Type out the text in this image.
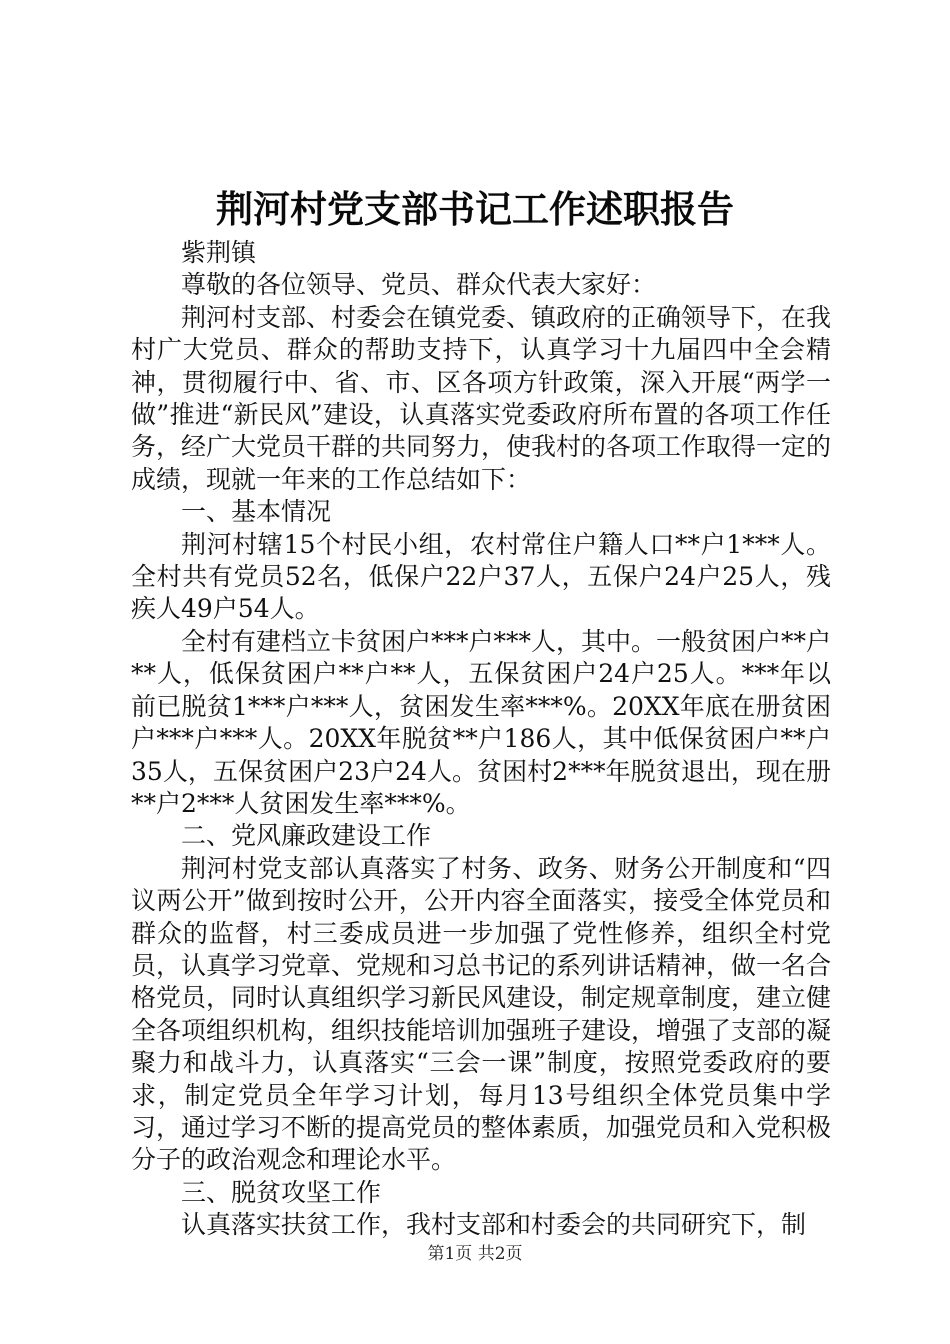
荆河村党支部书记工作述职报告

紫荆镇

尊敬的各位领导、党员、群众代表大家好：

荆河村支部、村委会在镇党委、镇政府的正确领导下，在我村广大党员、群众的帮助支持下，认真学习十九届四中全会精神，贯彻履行中、省、市、区各项方针政策，深入开展“两学一做”推进“新民风”建设，认真落实党委政府所布置的各项工作任务，经广大党员干群的共同努力，使我村的各项工作取得一定的成绩，现就一年来的工作总结如下：

一、基本情况

荆河村辖15个村民小组，农村常住户籍人口**户1***人。全村共有党员52名，低保户22户37人，五保户24户25人，残疾人49户54人。

全村有建档立卡贫困户***户***人，其中。一般贫困户**户**人，低保贫困户**户**人，五保贫困户24户25人。***年以前已脱贫1***户***人，贫困发生率***%。20XX年底在册贫困户***户***人。20XX年脱贫**户186人，其中低保贫困户**户35人，五保贫困户23户24人。贫困村2***年脱贫退出，现在册**户2***人贫困发生率***%。

二、党风廉政建设工作

荆河村党支部认真落实了村务、政务、财务公开制度和“四议两公开”做到按时公开，公开内容全面落实，接受全体党员和群众的监督，村三委成员进一步加强了党性修养，组织全村党员，认真学习党章、党规和习总书记的系列讲话精神，做一名合格党员，同时认真组织学习新民风建设，制定规章制度，建立健全各项组织机构，组织技能培训加强班子建设，增强了支部的凝聚力和战斗力，认真落实“三会一课”制度，按照党委政府的要求，制定党员全年学习计划，每月13号组织全体党员集中学习，通过学习不断的提高党员的整体素质，加强党员和入党积极分子的政治观念和理论水平。

三、脱贫攻坚工作

认真落实扶贫工作，我村支部和村委会的共同研究下，制

第1页 共2页
